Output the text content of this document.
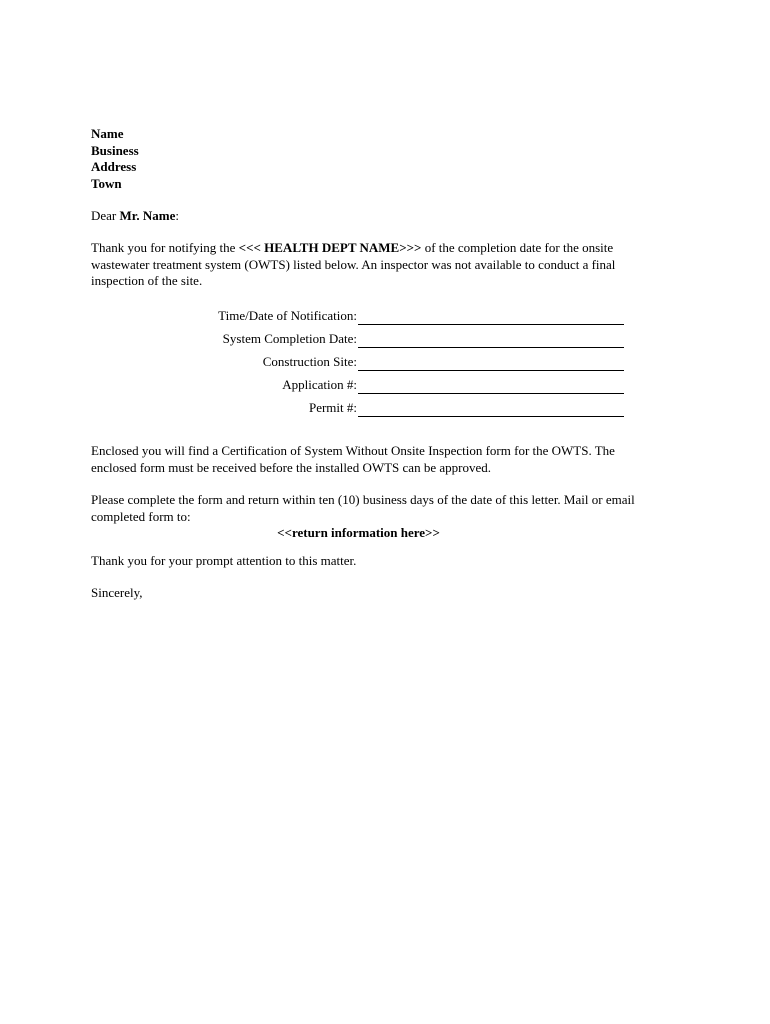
Name
Business
Address
Town
Dear Mr. Name:
Thank you for notifying the <<< HEALTH DEPT NAME>>> of the completion date for the onsite
wastewater treatment system (OWTS) listed below. An inspector was not available to conduct a final
inspection of the site.
Time/Date of Notification:
System Completion Date:
Construction Site:
Application #:
Permit #:
Enclosed you will find a Certification of System Without Onsite Inspection form for the OWTS. The
enclosed form must be received before the installed OWTS can be approved.
Please complete the form and return within ten (10) business days of the date of this letter. Mail or email
completed form to:
<<return information here>>
Thank you for your prompt attention to this matter.
Sincerely,
